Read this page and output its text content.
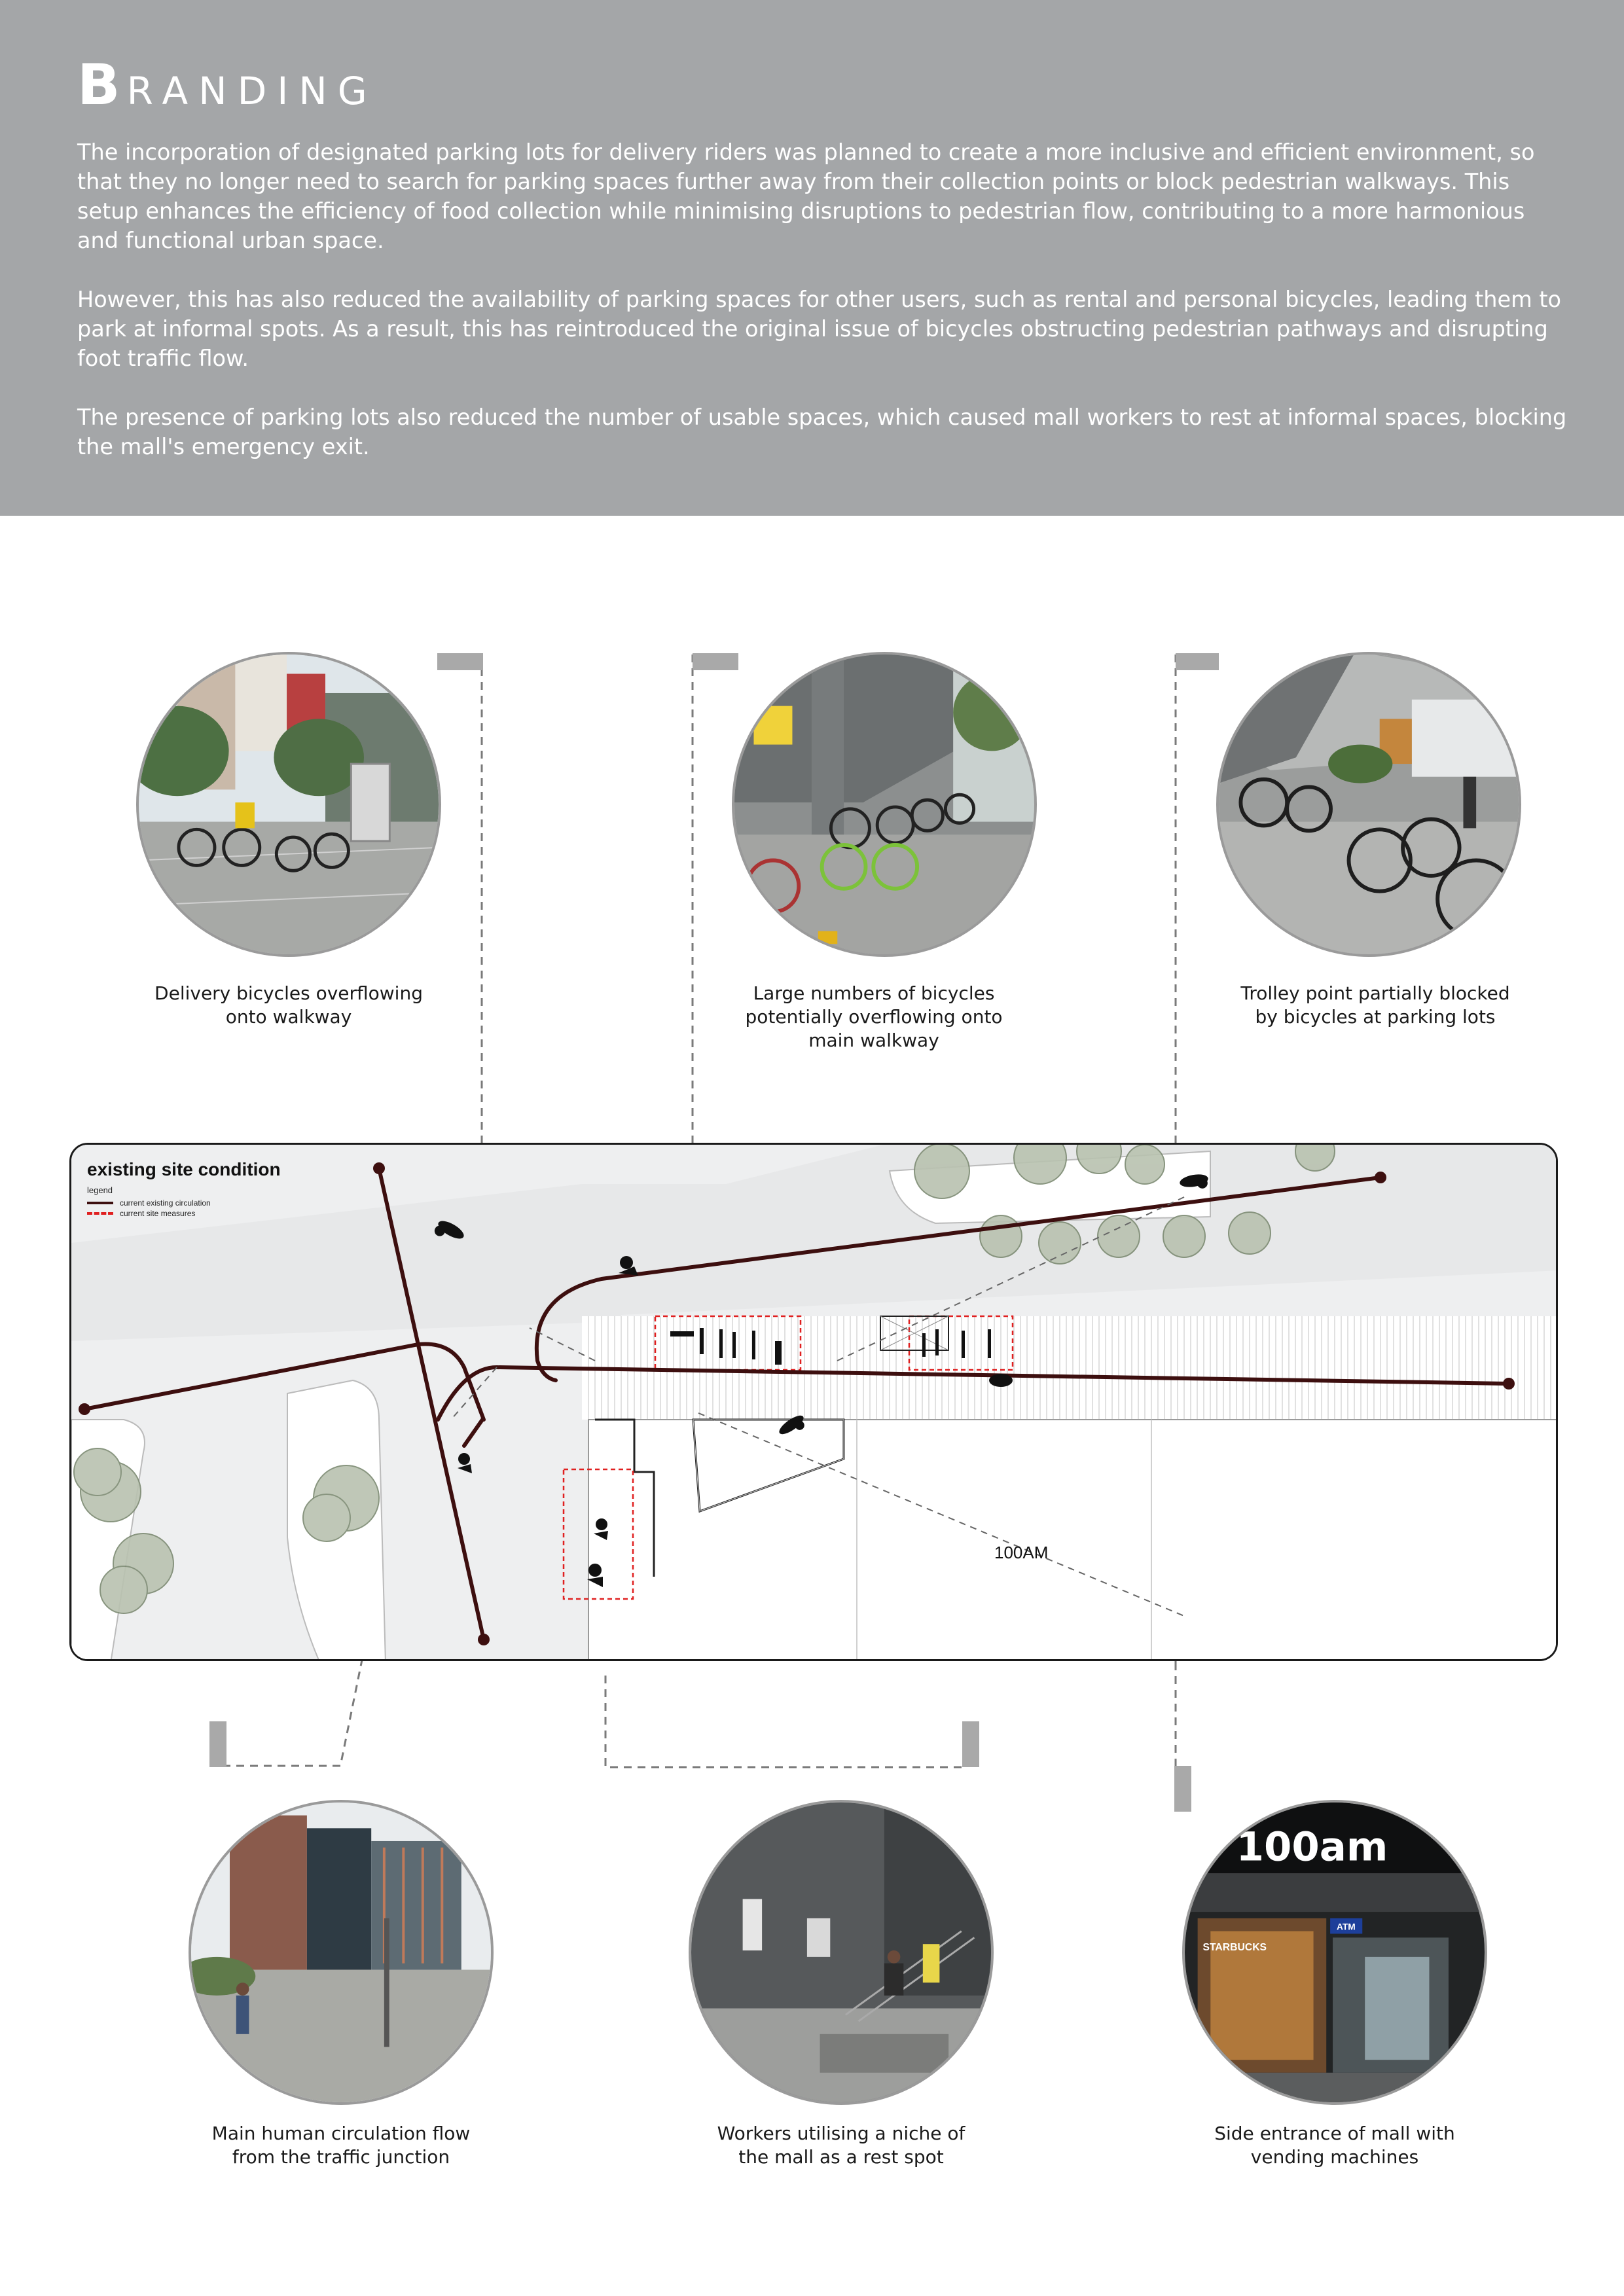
BRANDING

The incorporation of designated parking lots for delivery riders was planned to create a more inclusive and efficient environment, so that they no longer need to search for parking spaces further away from their collection points or block pedestrian walkways. This setup enhances the efficiency of food collection while minimising disruptions to pedestrian flow, contributing to a more harmonious and functional urban space.

However, this has also reduced the availability of parking spaces for other users, such as rental and personal bicycles, leading them to park at informal spots. As a result, this has reintroduced the original issue of bicycles obstructing pedestrian pathways and disrupting foot traffic flow.

The presence of parking lots also reduced the number of usable spaces, which caused mall workers to rest at informal spaces, blocking the mall's emergency exit.

Delivery bicycles overflowing
onto walkway
Large numbers of bicycles
potentially overflowing onto
main walkway
Trolley point partially blocked
by bicycles at parking lots
existing site condition
legend
current existing circulation
current site measures
100AM
Main human circulation flow
from the traffic junction
Workers utilising a niche of
the mall as a rest spot
100am
STARBUCKS
ATM
Side entrance of mall with
vending machines
